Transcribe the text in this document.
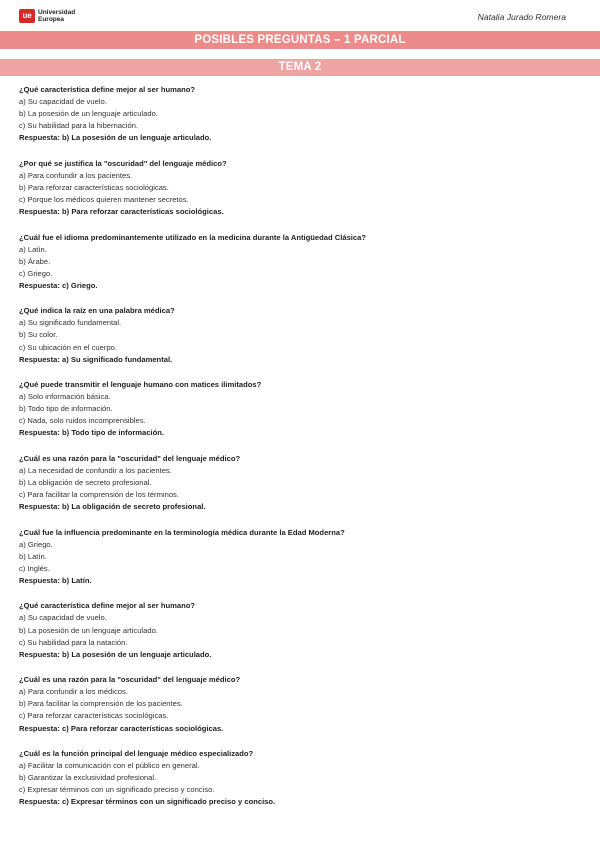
ue	Universidad
Europea	Natalia Jurado Romera
POSIBLES PREGUNTAS – 1 PARCIAL
TEMA 2
¿Qué característica define mejor al ser humano?
a) Su capacidad de vuelo.
b) La posesión de un lenguaje articulado.
c) Su habilidad para la hibernación.
Respuesta: b) La posesión de un lenguaje articulado.
¿Por qué se justifica la "oscuridad" del lenguaje médico?
a) Para confundir a los pacientes.
b) Para reforzar características sociológicas.
c) Porque los médicos quieren mantener secretos.
Respuesta: b) Para reforzar características sociológicas.
¿Cuál fue el idioma predominantemente utilizado en la medicina durante la Antigüedad Clásica?
a) Latín.
b) Árabe.
c) Griego.
Respuesta: c) Griego.
¿Qué indica la raíz en una palabra médica?
a) Su significado fundamental.
b) Su color.
c) Su ubicación en el cuerpo.
Respuesta: a) Su significado fundamental.
¿Qué puede transmitir el lenguaje humano con matices ilimitados?
a) Solo información básica.
b) Todo tipo de información.
c) Nada, solo ruidos incomprensibles.
Respuesta: b) Todo tipo de información.
¿Cuál es una razón para la "oscuridad" del lenguaje médico?
a) La necesidad de confundir a los pacientes.
b) La obligación de secreto profesional.
c) Para facilitar la comprensión de los términos.
Respuesta: b) La obligación de secreto profesional.
¿Cuál fue la influencia predominante en la terminología médica durante la Edad Moderna?
a) Griego.
b) Latín.
c) Inglés.
Respuesta: b) Latín.
¿Qué característica define mejor al ser humano?
a) Su capacidad de vuelo.
b) La posesión de un lenguaje articulado.
c) Su habilidad para la natación.
Respuesta: b) La posesión de un lenguaje articulado.
¿Cuál es una razón para la "oscuridad" del lenguaje médico?
a) Para confundir a los médicos.
b) Para facilitar la comprensión de los pacientes.
c) Para reforzar características sociológicas.
Respuesta: c) Para reforzar características sociológicas.
¿Cuál es la función principal del lenguaje médico especializado?
a) Facilitar la comunicación con el público en general.
b) Garantizar la exclusividad profesional.
c) Expresar términos con un significado preciso y conciso.
Respuesta: c) Expresar términos con un significado preciso y conciso.
